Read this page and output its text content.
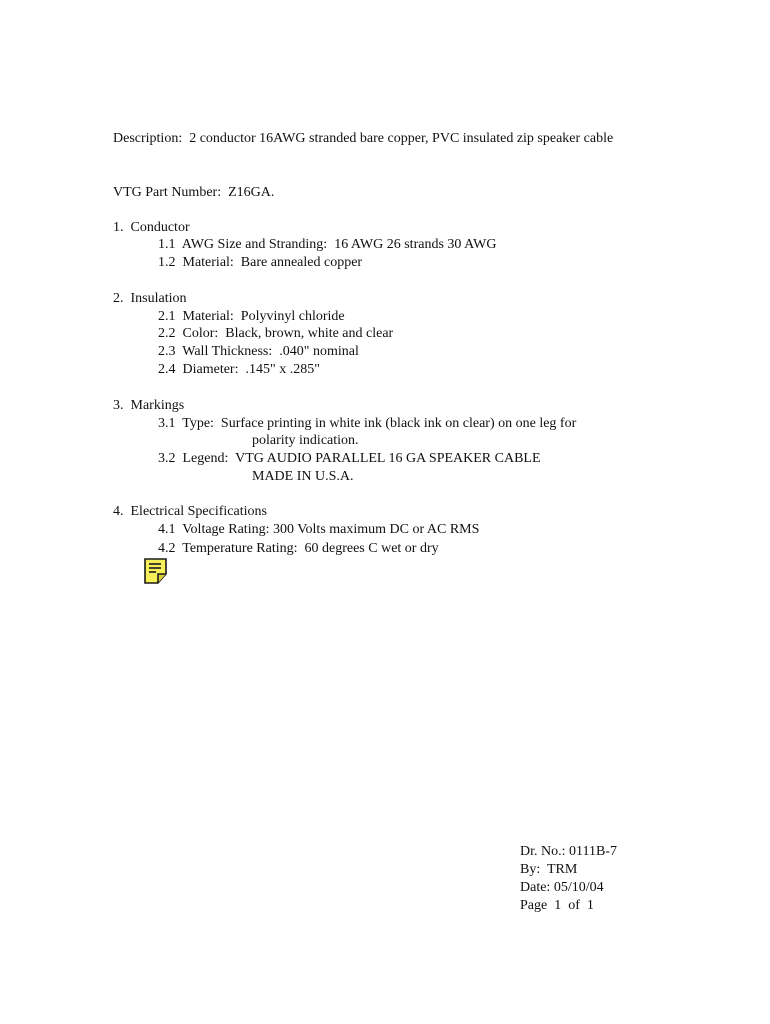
Description:  2 conductor 16AWG stranded bare copper, PVC insulated zip speaker cable
VTG Part Number:  Z16GA.
1.  Conductor
1.1  AWG Size and Stranding:  16 AWG 26 strands 30 AWG
1.2  Material:  Bare annealed copper
2.  Insulation
2.1  Material:  Polyvinyl chloride
2.2  Color:  Black, brown, white and clear
2.3  Wall Thickness:  .040" nominal
2.4  Diameter:  .145" x .285"
3.  Markings
3.1  Type:  Surface printing in white ink (black ink on clear) on one leg for
polarity indication.
3.2  Legend:  VTG AUDIO PARALLEL 16 GA SPEAKER CABLE
MADE IN U.S.A.
4.  Electrical Specifications
4.1  Voltage Rating: 300 Volts maximum DC or AC RMS
4.2  Temperature Rating:  60 degrees C wet or dry
Dr. No.: 0111B-7
By:  TRM
Date: 05/10/04
Page  1  of  1
